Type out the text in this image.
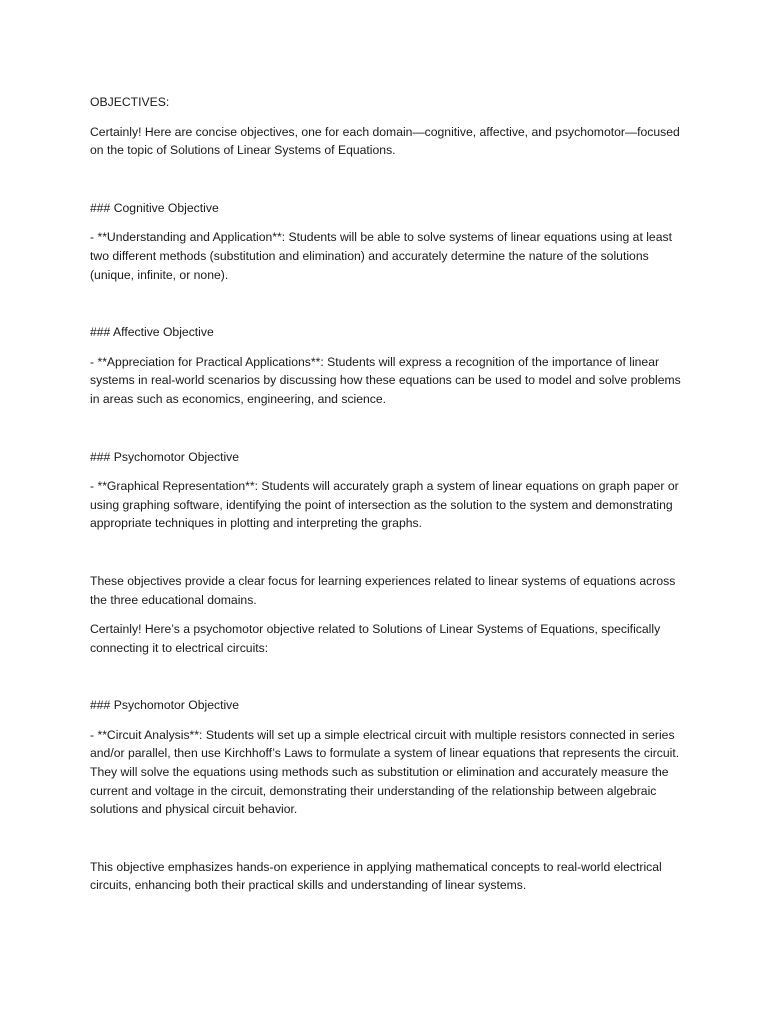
OBJECTIVES:

Certainly! Here are concise objectives, one for each domain—cognitive, affective, and psychomotor—focused on the topic of Solutions of Linear Systems of Equations.

### Cognitive Objective

- **Understanding and Application**: Students will be able to solve systems of linear equations using at least two different methods (substitution and elimination) and accurately determine the nature of the solutions (unique, infinite, or none).

### Affective Objective

- **Appreciation for Practical Applications**: Students will express a recognition of the importance of linear systems in real-world scenarios by discussing how these equations can be used to model and solve problems in areas such as economics, engineering, and science.

### Psychomotor Objective

- **Graphical Representation**: Students will accurately graph a system of linear equations on graph paper or using graphing software, identifying the point of intersection as the solution to the system and demonstrating appropriate techniques in plotting and interpreting the graphs.

These objectives provide a clear focus for learning experiences related to linear systems of equations across the three educational domains.

Certainly! Here’s a psychomotor objective related to Solutions of Linear Systems of Equations, specifically connecting it to electrical circuits:

### Psychomotor Objective

- **Circuit Analysis**: Students will set up a simple electrical circuit with multiple resistors connected in series and/or parallel, then use Kirchhoff’s Laws to formulate a system of linear equations that represents the circuit. They will solve the equations using methods such as substitution or elimination and accurately measure the current and voltage in the circuit, demonstrating their understanding of the relationship between algebraic solutions and physical circuit behavior.

This objective emphasizes hands-on experience in applying mathematical concepts to real-world electrical circuits, enhancing both their practical skills and understanding of linear systems.
